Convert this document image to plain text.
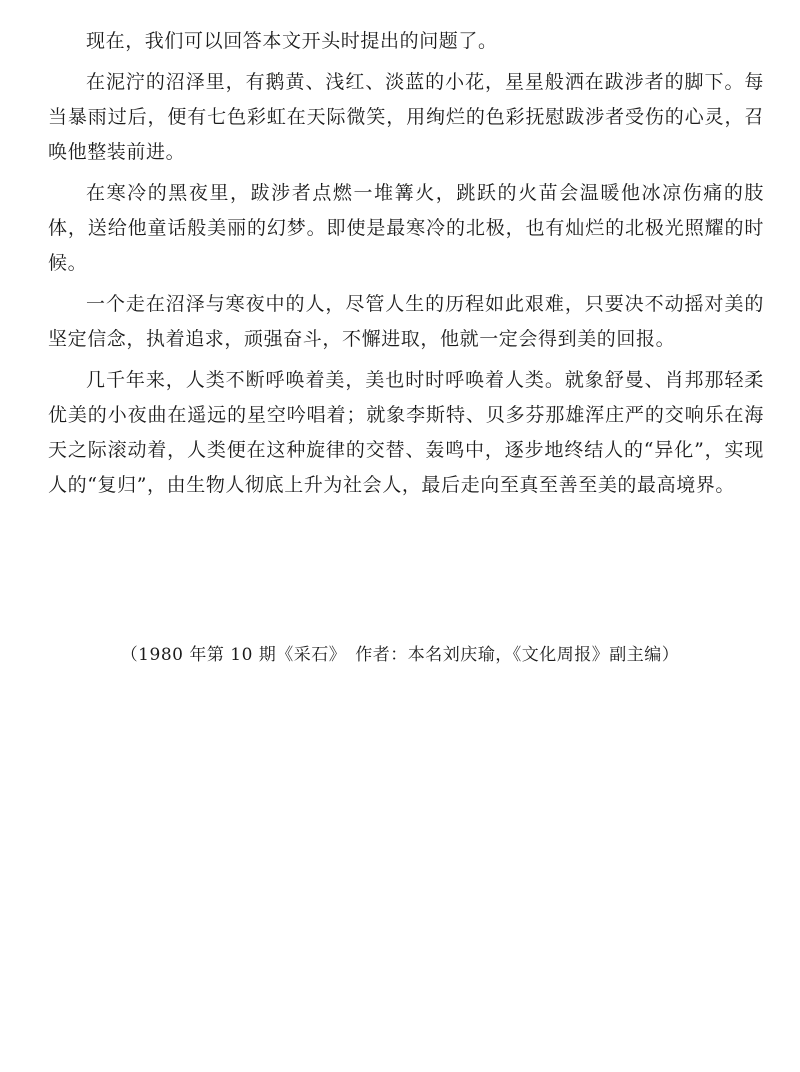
现在，我们可以回答本文开头时提出的问题了。

在泥泞的沼泽里，有鹅黄、浅红、淡蓝的小花，星星般洒在跋涉者的脚下。每当暴雨过后，便有七色彩虹在天际微笑，用绚烂的色彩抚慰跋涉者受伤的心灵，召唤他整装前进。

在寒冷的黑夜里，跋涉者点燃一堆篝火，跳跃的火苗会温暖他冰凉伤痛的肢体，送给他童话般美丽的幻梦。即使是最寒冷的北极，也有灿烂的北极光照耀的时候。

一个走在沼泽与寒夜中的人，尽管人生的历程如此艰难，只要决不动摇对美的坚定信念，执着追求，顽强奋斗，不懈进取，他就一定会得到美的回报。

几千年来，人类不断呼唤着美，美也时时呼唤着人类。就象舒曼、肖邦那轻柔优美的小夜曲在遥远的星空吟唱着；就象李斯特、贝多芬那雄浑庄严的交响乐在海天之际滚动着，人类便在这种旋律的交替、轰鸣中，逐步地终结人的“异化”，实现人的“复归”，由生物人彻底上升为社会人，最后走向至真至善至美的最高境界。

（1980 年第 10 期《采石》　作者：本名刘庆瑜，《文化周报》副主编）
